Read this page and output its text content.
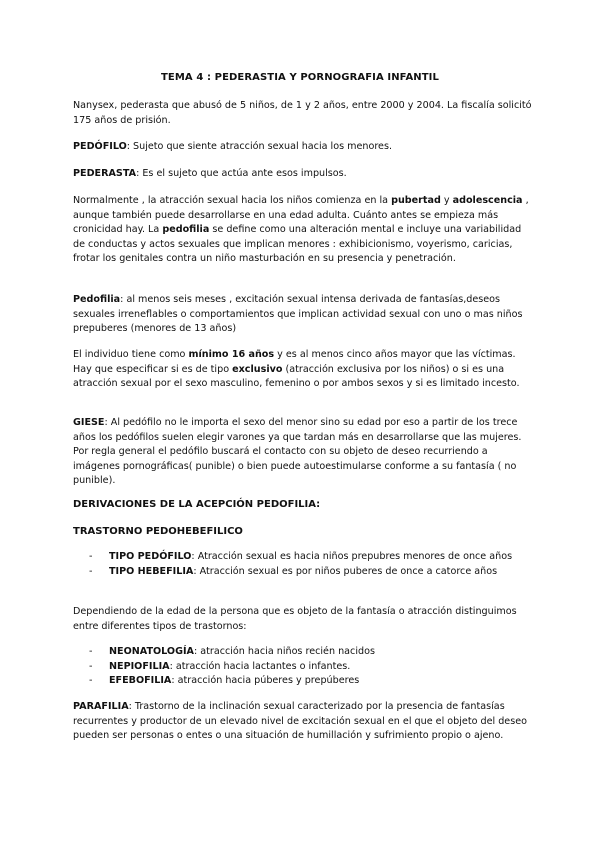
TEMA 4 : PEDERASTIA Y PORNOGRAFIA INFANTIL
Nanysex, pederasta que abusó de 5 niños, de 1 y 2 años, entre 2000 y 2004. La fiscalía solicitó 175 años de prisión.
PEDÓFILO: Sujeto que siente atracción sexual hacia los menores.
PEDERASTA: Es el sujeto que actúa ante esos impulsos.
Normalmente , la atracción sexual hacia los niños comienza en la pubertad y adolescencia , aunque también puede desarrollarse en una edad adulta. Cuánto antes se empieza más cronicidad hay. La pedofilia se define como una alteración mental e incluye una variabilidad de conductas y actos sexuales que implican menores : exhibicionismo, voyerismo, caricias, frotar los genitales contra un niño masturbación en su presencia y penetración.
Pedofilia: al menos seis meses , excitación sexual intensa derivada de fantasías,deseos sexuales irreneflables o comportamientos que implican actividad sexual con uno o mas niños prepuberes (menores de 13 años)
El individuo tiene como mínimo 16 años y es al menos cinco años mayor que las víctimas. Hay que especificar si es de tipo exclusivo (atracción exclusiva por los niños) o si es una atracción sexual por el sexo masculino, femenino o por ambos sexos y si es limitado incesto.
GIESE: Al pedófilo no le importa el sexo del menor sino su edad por eso a partir de los trece años los pedófilos suelen elegir varones ya que tardan más en desarrollarse que las mujeres. Por regla general el pedófilo buscará el contacto con su objeto de deseo recurriendo a imágenes pornográficas( punible) o bien puede autoestimularse conforme a su fantasía ( no punible).
DERIVACIONES DE LA ACEPCIÓN PEDOFILIA:
TRASTORNO PEDOHEBEFILICO
- TIPO PEDÓFILO: Atracción sexual es hacia niños prepubres menores de once años
- TIPO HEBEFILIA: Atracción sexual es por niños puberes de once a catorce años
Dependiendo de la edad de la persona que es objeto de la fantasía o atracción distinguimos entre diferentes tipos de trastornos:
- NEONATOLOGÍA: atracción hacia niños recién nacidos
- NEPIOFILIA: atracción hacia lactantes o infantes.
- EFEBOFILIA: atracción hacia púberes y prepúberes
PARAFILIA: Trastorno de la inclinación sexual caracterizado por la presencia de fantasías recurrentes y productor de un elevado nivel de excitación sexual en el que el objeto del deseo pueden ser personas o entes o una situación de humillación y sufrimiento propio o ajeno.
